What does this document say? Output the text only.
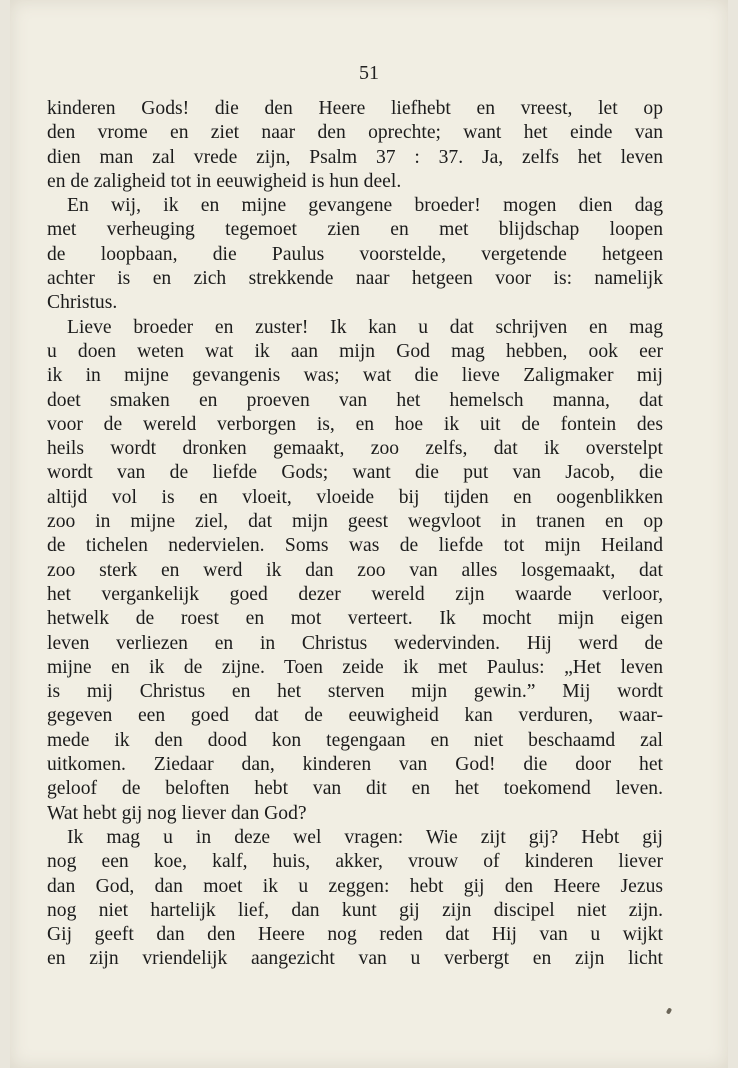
51
kinderen Gods! die den Heere liefhebt en vreest, let op
den vrome en ziet naar den oprechte; want het einde van
dien man zal vrede zijn, Psalm 37 : 37. Ja, zelfs het leven
en de zaligheid tot in eeuwigheid is hun deel.
En wij, ik en mijne gevangene broeder! mogen dien dag
met verheuging tegemoet zien en met blijdschap loopen
de loopbaan, die Paulus voorstelde, vergetende hetgeen
achter is en zich strekkende naar hetgeen voor is: namelijk
Christus.
Lieve broeder en zuster! Ik kan u dat schrijven en mag
u doen weten wat ik aan mijn God mag hebben, ook eer
ik in mijne gevangenis was; wat die lieve Zaligmaker mij
doet smaken en proeven van het hemelsch manna, dat
voor de wereld verborgen is, en hoe ik uit de fontein des
heils wordt dronken gemaakt, zoo zelfs, dat ik overstelpt
wordt van de liefde Gods; want die put van Jacob, die
altijd vol is en vloeit, vloeide bij tijden en oogenblikken
zoo in mijne ziel, dat mijn geest wegvloot in tranen en op
de tichelen nedervielen. Soms was de liefde tot mijn Heiland
zoo sterk en werd ik dan zoo van alles losgemaakt, dat
het vergankelijk goed dezer wereld zijn waarde verloor,
hetwelk de roest en mot verteert. Ik mocht mijn eigen
leven verliezen en in Christus wedervinden. Hij werd de
mijne en ik de zijne. Toen zeide ik met Paulus: „Het leven
is mij Christus en het sterven mijn gewin.” Mij wordt
gegeven een goed dat de eeuwigheid kan verduren, waar-
mede ik den dood kon tegengaan en niet beschaamd zal
uitkomen. Ziedaar dan, kinderen van God! die door het
geloof de beloften hebt van dit en het toekomend leven.
Wat hebt gij nog liever dan God?
Ik mag u in deze wel vragen: Wie zijt gij? Hebt gij
nog een koe, kalf, huis, akker, vrouw of kinderen liever
dan God, dan moet ik u zeggen: hebt gij den Heere Jezus
nog niet hartelijk lief, dan kunt gij zijn discipel niet zijn.
Gij geeft dan den Heere nog reden dat Hij van u wijkt
en zijn vriendelijk aangezicht van u verbergt en zijn licht
